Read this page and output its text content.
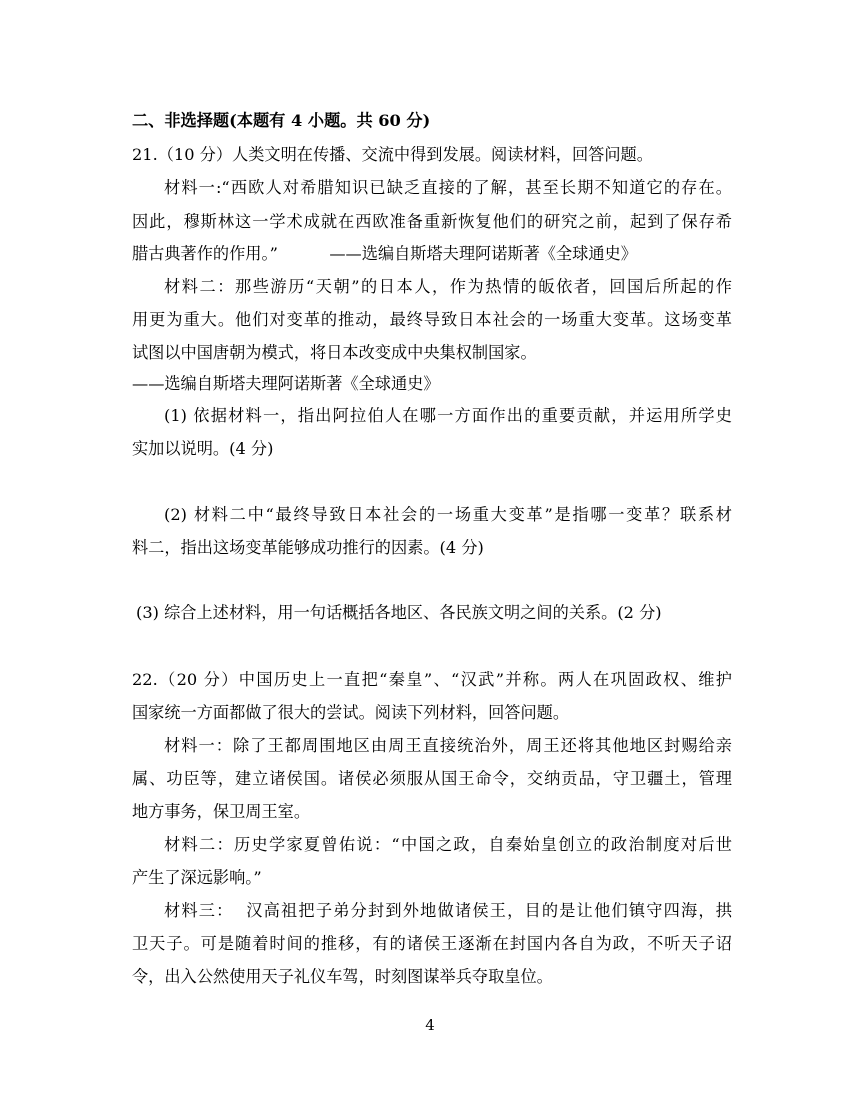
二、非选择题(本题有 4 小题。共 60 分)
21.（10 分）人类文明在传播、交流中得到发展。阅读材料，回答问题。
材料一:“西欧人对希腊知识已缺乏直接的了解，甚至长期不知道它的存在。
因此，穆斯林这一学术成就在西欧准备重新恢复他们的研究之前，起到了保存希
腊古典著作的作用。”          ——选编自斯塔夫理阿诺斯著《全球通史》
材料二：那些游历“天朝”的日本人，作为热情的皈依者，回国后所起的作
用更为重大。他们对变革的推动，最终导致日本社会的一场重大变革。这场变革
试图以中国唐朝为模式，将日本改变成中央集权制国家。
——选编自斯塔夫理阿诺斯著《全球通史》
(1) 依据材料一，指出阿拉伯人在哪一方面作出的重要贡献，并运用所学史
实加以说明。(4 分)
(2) 材料二中“最终导致日本社会的一场重大变革”是指哪一变革？联系材
料二，指出这场变革能够成功推行的因素。(4 分)
(3) 综合上述材料，用一句话概括各地区、各民族文明之间的关系。(2 分)
22.（20 分）中国历史上一直把“秦皇”、“汉武”并称。两人在巩固政权、维护
国家统一方面都做了很大的尝试。阅读下列材料，回答问题。
材料一：除了王都周围地区由周王直接统治外，周王还将其他地区封赐给亲
属、功臣等，建立诸侯国。诸侯必须服从国王命令，交纳贡品，守卫疆土，管理
地方事务，保卫周王室。
材料二：历史学家夏曾佑说：“中国之政，自秦始皇创立的政治制度对后世
产生了深远影响。”
材料三：  汉高祖把子弟分封到外地做诸侯王，目的是让他们镇守四海，拱
卫天子。可是随着时间的推移，有的诸侯王逐渐在封国内各自为政，不听天子诏
令，出入公然使用天子礼仪车驾，时刻图谋举兵夺取皇位。
4
